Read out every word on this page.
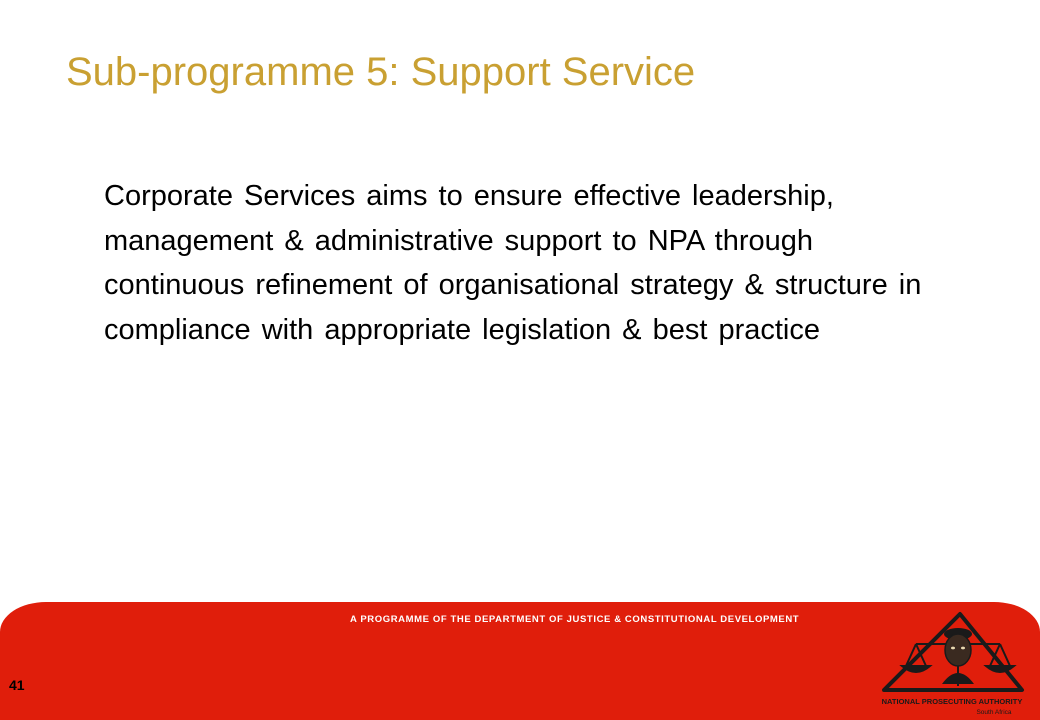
Sub-programme 5: Support Service

Corporate Services aims to ensure effective leadership, management & administrative support to NPA through continuous refinement of organisational strategy & structure in compliance with appropriate legislation & best practice

A PROGRAMME OF THE DEPARTMENT OF JUSTICE & CONSTITUTIONAL DEVELOPMENT
41
NATIONAL PROSECUTING AUTHORITY
South Africa
